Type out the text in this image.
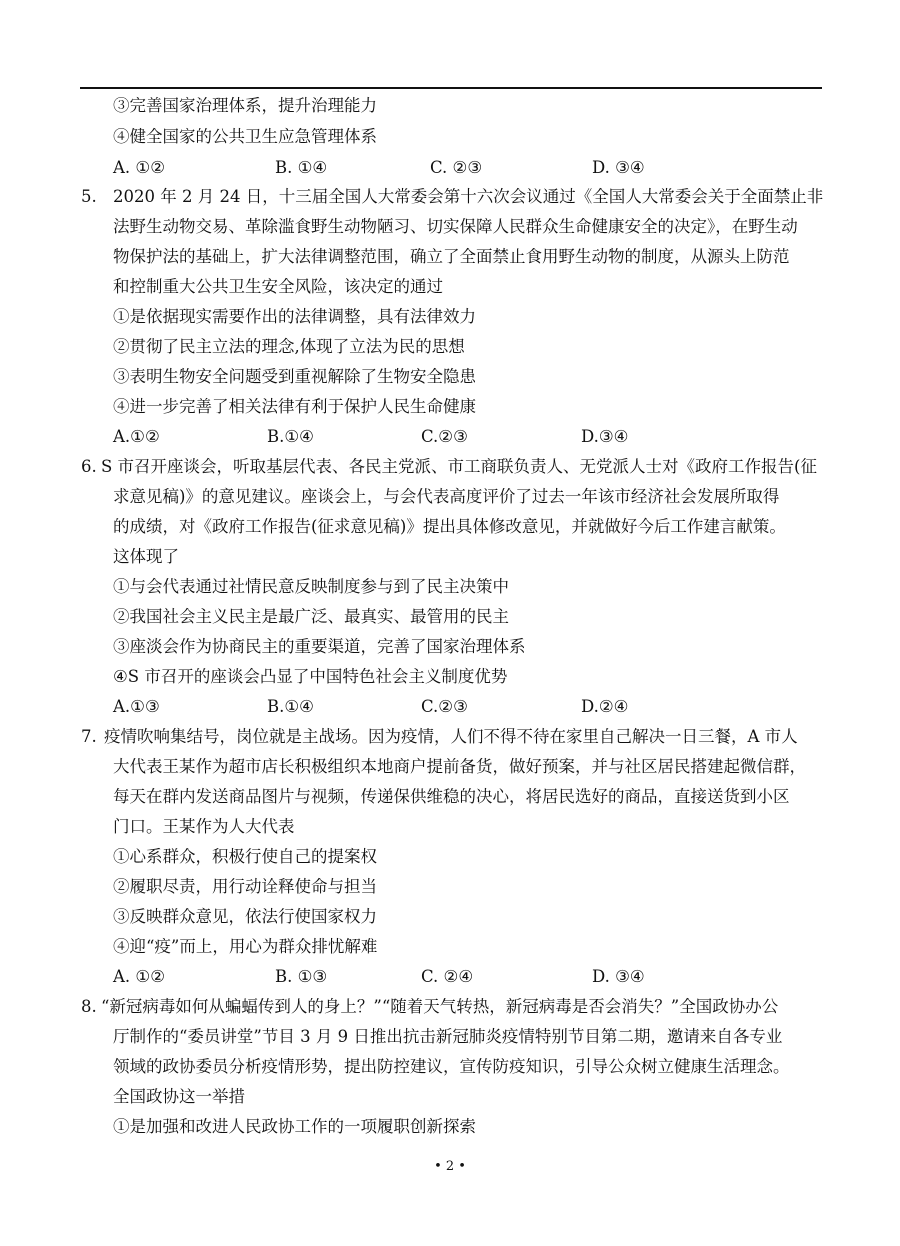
③完善国家治理体系，提升治理能力
④健全国家的公共卫生应急管理体系
A. ①②	B. ①④	C. ②③	D. ③④
5. 2020 年 2 月 24 日，十三届全国人大常委会第十六次会议通过《全国人大常委会关于全面禁止非
法野生动物交易、革除滥食野生动物陋习、切实保障人民群众生命健康安全的决定》，在野生动
物保护法的基础上，扩大法律调整范围，确立了全面禁止食用野生动物的制度，从源头上防范
和控制重大公共卫生安全风险，该决定的通过
①是依据现实需要作出的法律调整，具有法律效力
②贯彻了民主立法的理念,体现了立法为民的思想
③表明生物安全问题受到重视解除了生物安全隐患
④进一步完善了相关法律有利于保护人民生命健康
A.①②	B.①④	C.②③	D.③④
6. S 市召开座谈会，听取基层代表、各民主党派、市工商联负责人、无党派人士对《政府工作报告(征
求意见稿)》的意见建议。座谈会上，与会代表高度评价了过去一年该市经济社会发展所取得
的成绩，对《政府工作报告(征求意见稿)》提出具体修改意见，并就做好今后工作建言献策。
这体现了
①与会代表通过社情民意反映制度参与到了民主决策中
②我国社会主义民主是最广泛、最真实、最管用的民主
③座淡会作为协商民主的重要渠道，完善了国家治理体系
④S 市召开的座谈会凸显了中国特色社会主义制度优势
A.①③	B.①④	C.②③	D.②④
7. 疫情吹响集结号，岗位就是主战场。因为疫情，人们不得不待在家里自己解决一日三餐，A 市人
大代表王某作为超市店长积极组织本地商户提前备货，做好预案，并与社区居民搭建起微信群，
每天在群内发送商品图片与视频，传递保供维稳的决心，将居民选好的商品，直接送货到小区
门口。王某作为人大代表
①心系群众，积极行使自己的提案权
②履职尽责，用行动诠释使命与担当
③反映群众意见，依法行使国家权力
④迎“疫”而上，用心为群众排忧解难
A. ①②	B. ①③	C. ②④	D. ③④
8. “新冠病毒如何从蝙蝠传到人的身上？”“随着天气转热，新冠病毒是否会消失？”全国政协办公
厅制作的“委员讲堂”节目 3 月 9 日推出抗击新冠肺炎疫情特别节目第二期，邀请来自各专业
领域的政协委员分析疫情形势，提出防控建议，宣传防疫知识，引导公众树立健康生活理念。
全国政协这一举措
①是加强和改进人民政协工作的一项履职创新探索
• 2 •
